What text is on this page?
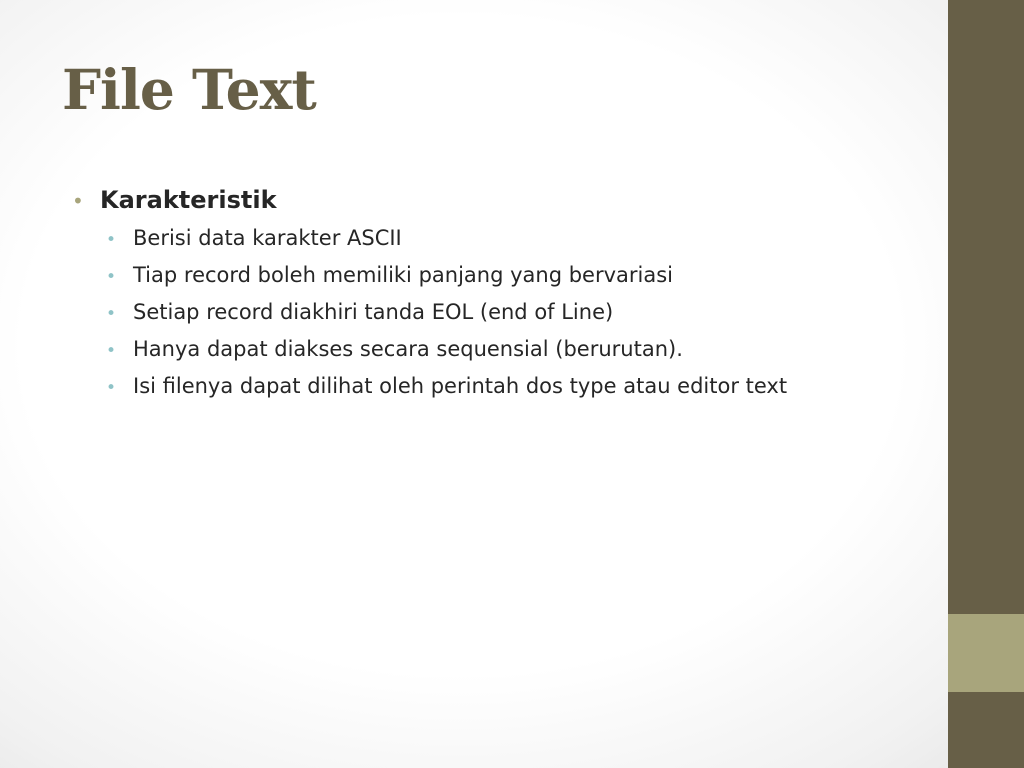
File Text
• Karakteristik
• Berisi data karakter ASCII
• Tiap record boleh memiliki panjang yang bervariasi
• Setiap record diakhiri tanda EOL (end of Line)
• Hanya dapat diakses secara sequensial (berurutan).
• Isi filenya dapat dilihat oleh perintah dos type atau editor text
